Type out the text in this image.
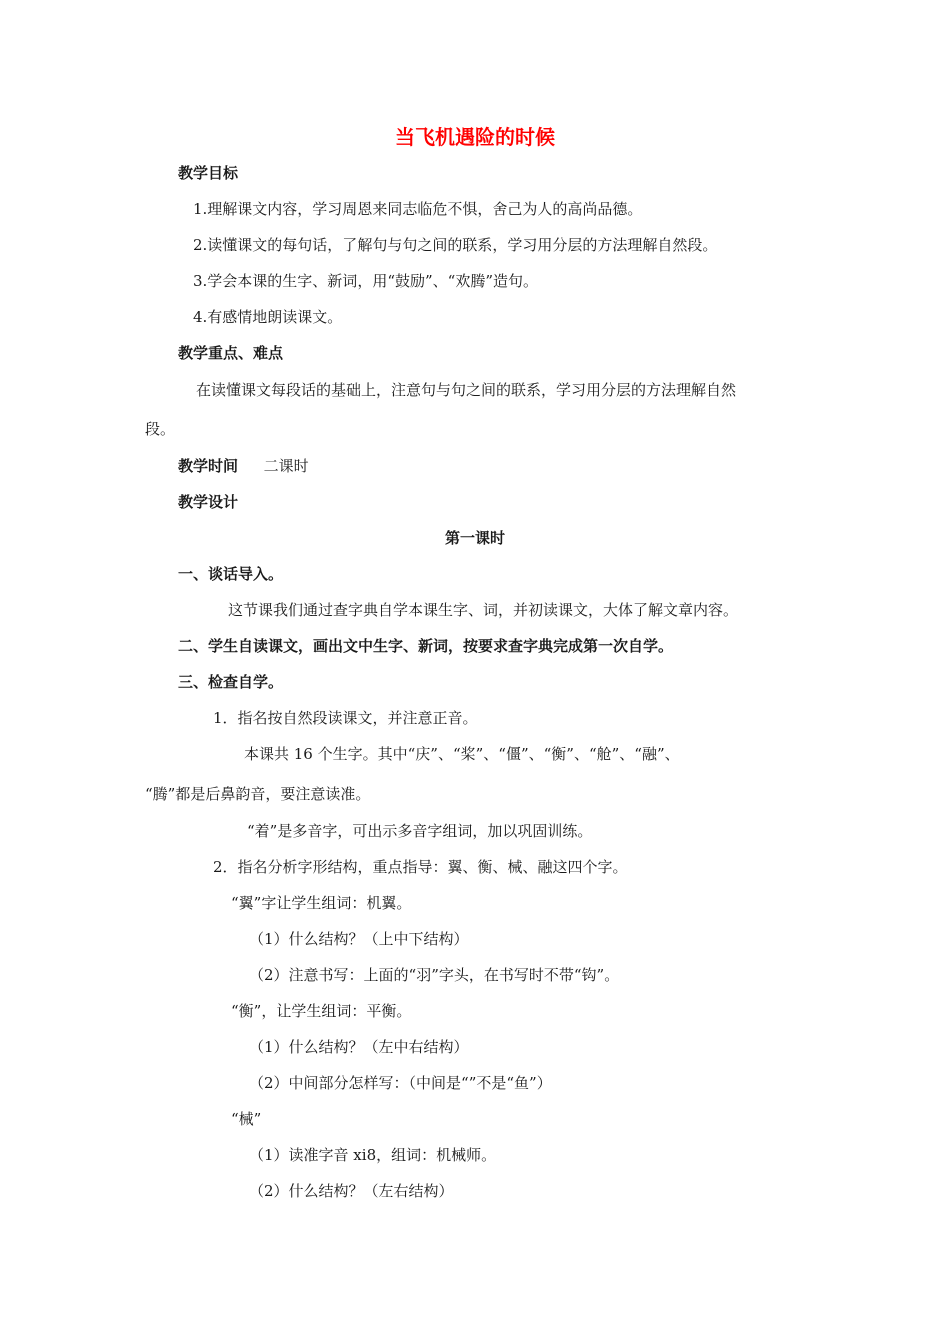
当飞机遇险的时候
教学目标
1.理解课文内容，学习周恩来同志临危不惧，舍己为人的高尚品德。
2.读懂课文的每句话，了解句与句之间的联系，学习用分层的方法理解自然段。
3.学会本课的生字、新词，用“鼓励”、“欢腾”造句。
4.有感情地朗读课文。
教学重点、难点
在读懂课文每段话的基础上，注意句与句之间的联系，学习用分层的方法理解自然
段。
教学时间 二课时
教学设计
第一课时
一、谈话导入。
这节课我们通过查字典自学本课生字、词，并初读课文，大体了解文章内容。
二、学生自读课文，画出文中生字、新词，按要求查字典完成第一次自学。
三、检查自学。
1．指名按自然段读课文，并注意正音。
本课共 16 个生字。其中“庆”、“桨”、“僵”、“衡”、“舱”、“融”、
“腾”都是后鼻韵音，要注意读准。
“着”是多音字，可出示多音字组词，加以巩固训练。
2．指名分析字形结构，重点指导：翼、衡、械、融这四个字。
“翼”字让学生组词：机翼。
（1）什么结构？（上中下结构）
（2）注意书写：上面的“羽”字头，在书写时不带“钩”。
“衡”，让学生组词：平衡。
（1）什么结构？（左中右结构）
（2）中间部分怎样写：（中间是“”不是“鱼”）
“械”
（1）读准字音 xi8，组词：机械师。
（2）什么结构？（左右结构）
